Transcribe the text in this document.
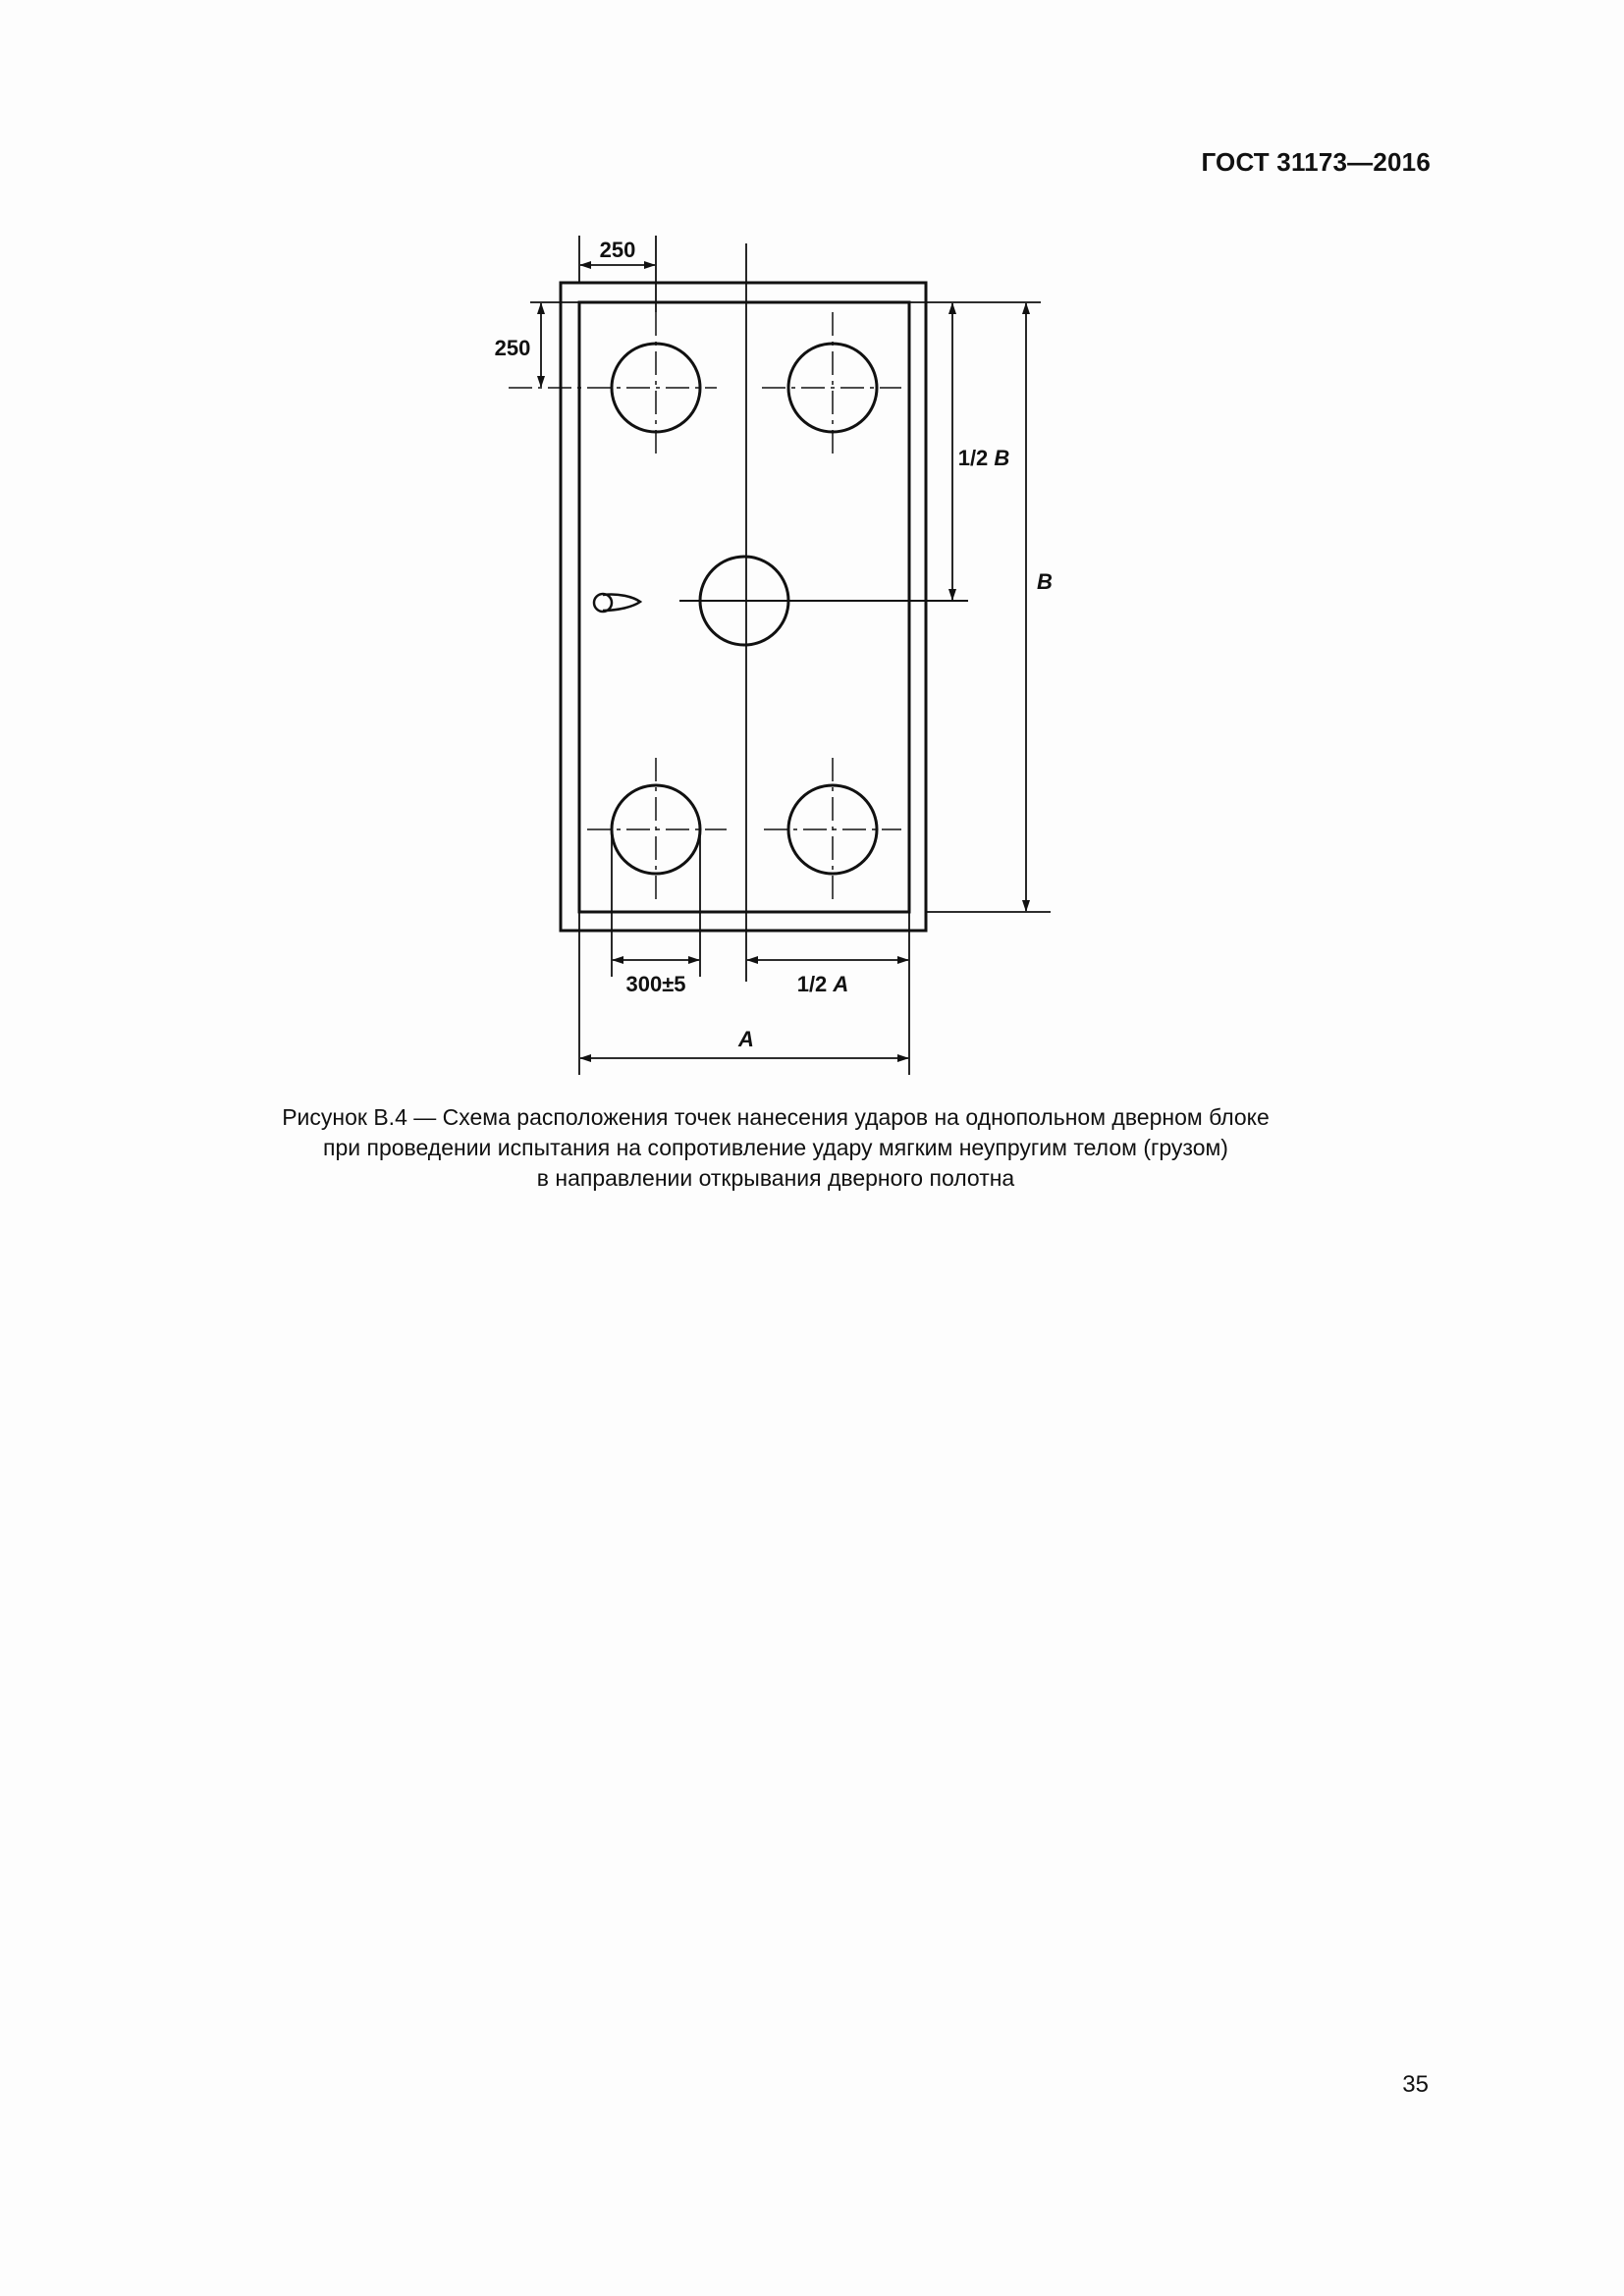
ГОСТ 31173—2016
250
250
1/2 B
B
300±5	1/2 A
A
Рисунок В.4 — Схема расположения точек нанесения ударов на однопольном дверном блоке
при проведении испытания на сопротивление удару мягким неупругим телом (грузом)
в направлении открывания дверного полотна
35
